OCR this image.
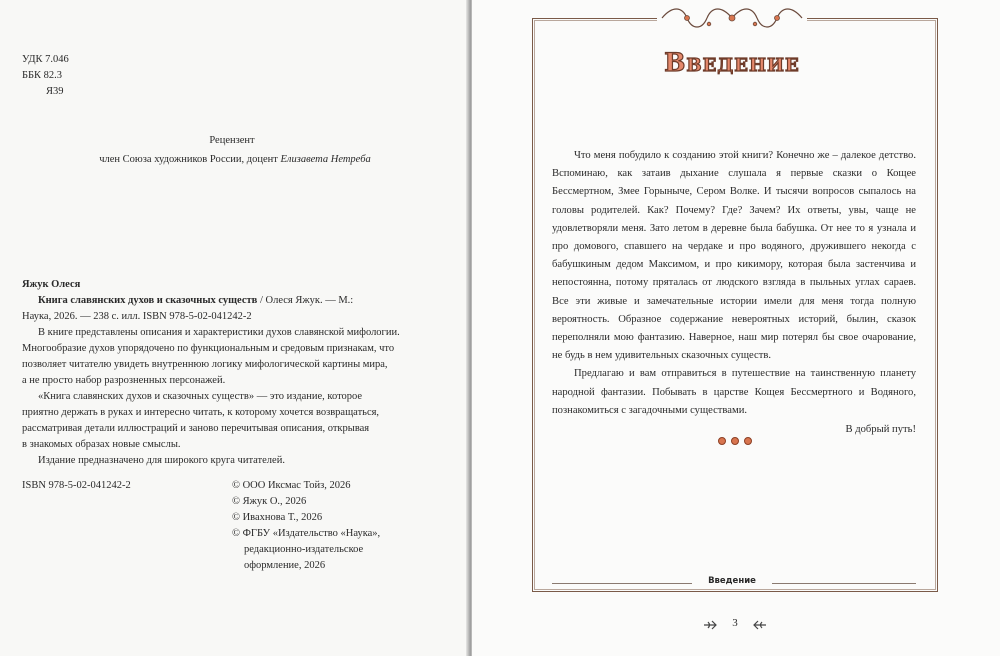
УДК 7.046
ББК 82.3
Я39
Рецензент
член Союза художников России, доцент Елизавета Нетреба
Яжук Олеся
Книга славянских духов и сказочных существ / Олеся Яжук. — М.:
Наука, 2026. — 238 с. илл. ISBN 978-5-02-041242-2
В книге представлены описания и характеристики духов славянской мифологии.
Многообразие духов упорядочено по функциональным и средовым признакам, что
позволяет читателю увидеть внутреннюю логику мифологической картины мира,
а не просто набор разрозненных персонажей.
«Книга славянских духов и сказочных существ» — это издание, которое
приятно держать в руках и интересно читать, к которому хочется возвращаться,
рассматривая детали иллюстраций и заново перечитывая описания, открывая
в знакомых образах новые смыслы.
Издание предназначено для широкого круга читателей.
ISBN 978-5-02-041242-2	© ООО Иксмас Тойз, 2026
© Яжук О., 2026
© Ивахнова Т., 2026
© ФГБУ «Издательство «Наука»,
редакционно-издательское
оформление, 2026
Введение

Что меня побудило к созданию этой книги? Конечно же – далекое детство. Вспоминаю, как затаив дыхание слушала я первые сказки о Кощее Бессмертном, Змее Горыныче, Сером Волке. И тысячи вопросов сыпалось на головы родителей. Как? Почему? Где? Зачем? Их ответы, увы, чаще не удовлетворяли меня. Зато летом в деревне была бабушка. От нее то я узнала и про домового, спавшего на чердаке и про водяного, дружившего некогда с бабушкиным дедом Максимом, и про кикимору, которая была застенчива и непостоянна, потому пряталась от людского взгляда в пыльных углах сараев. Все эти живые и замечательные истории имели для меня тогда полную вероятность. Образное содержание невероятных историй, былин, сказок переполняли мою фантазию. Наверное, наш мир потерял бы свое очарование, не будь в нем удивительных сказочных существ.

Предлагаю и вам отправиться в путешествие на таинственную планету народной фантазии. Побывать в царстве Кощея Бессмертного и Водяного, познакомиться с загадочными существами.

В добрый путь!
Введение
3
